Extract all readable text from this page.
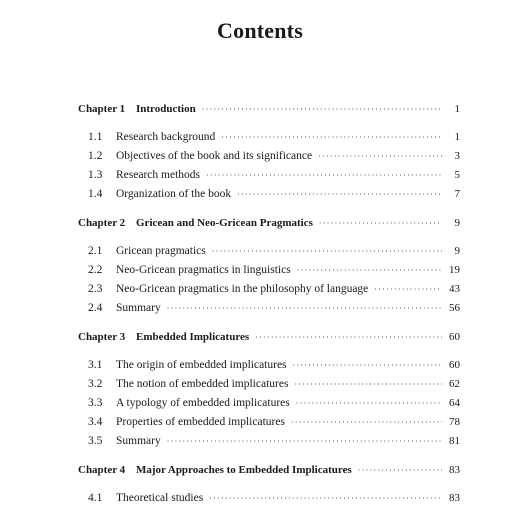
Contents
Chapter 1 Introduction ·····	1
1.1	Research background ·····	1
1.2	Objectives of the book and its significance ·····	3
1.3	Research methods ·····	5
1.4	Organization of the book ·····	7
Chapter 2 Gricean and Neo-Gricean Pragmatics ·····	9
2.1	Gricean pragmatics ·····	9
2.2	Neo-Gricean pragmatics in linguistics ·····	19
2.3	Neo-Gricean pragmatics in the philosophy of language ·····	43
2.4	Summary ·····	56
Chapter 3 Embedded Implicatures ·····	60
3.1	The origin of embedded implicatures ·····	60
3.2	The notion of embedded implicatures ·····	62
3.3	A typology of embedded implicatures ·····	64
3.4	Properties of embedded implicatures ·····	78
3.5	Summary ·····	81
Chapter 4 Major Approaches to Embedded Implicatures ·····	83
4.1	Theoretical studies ·····	83
